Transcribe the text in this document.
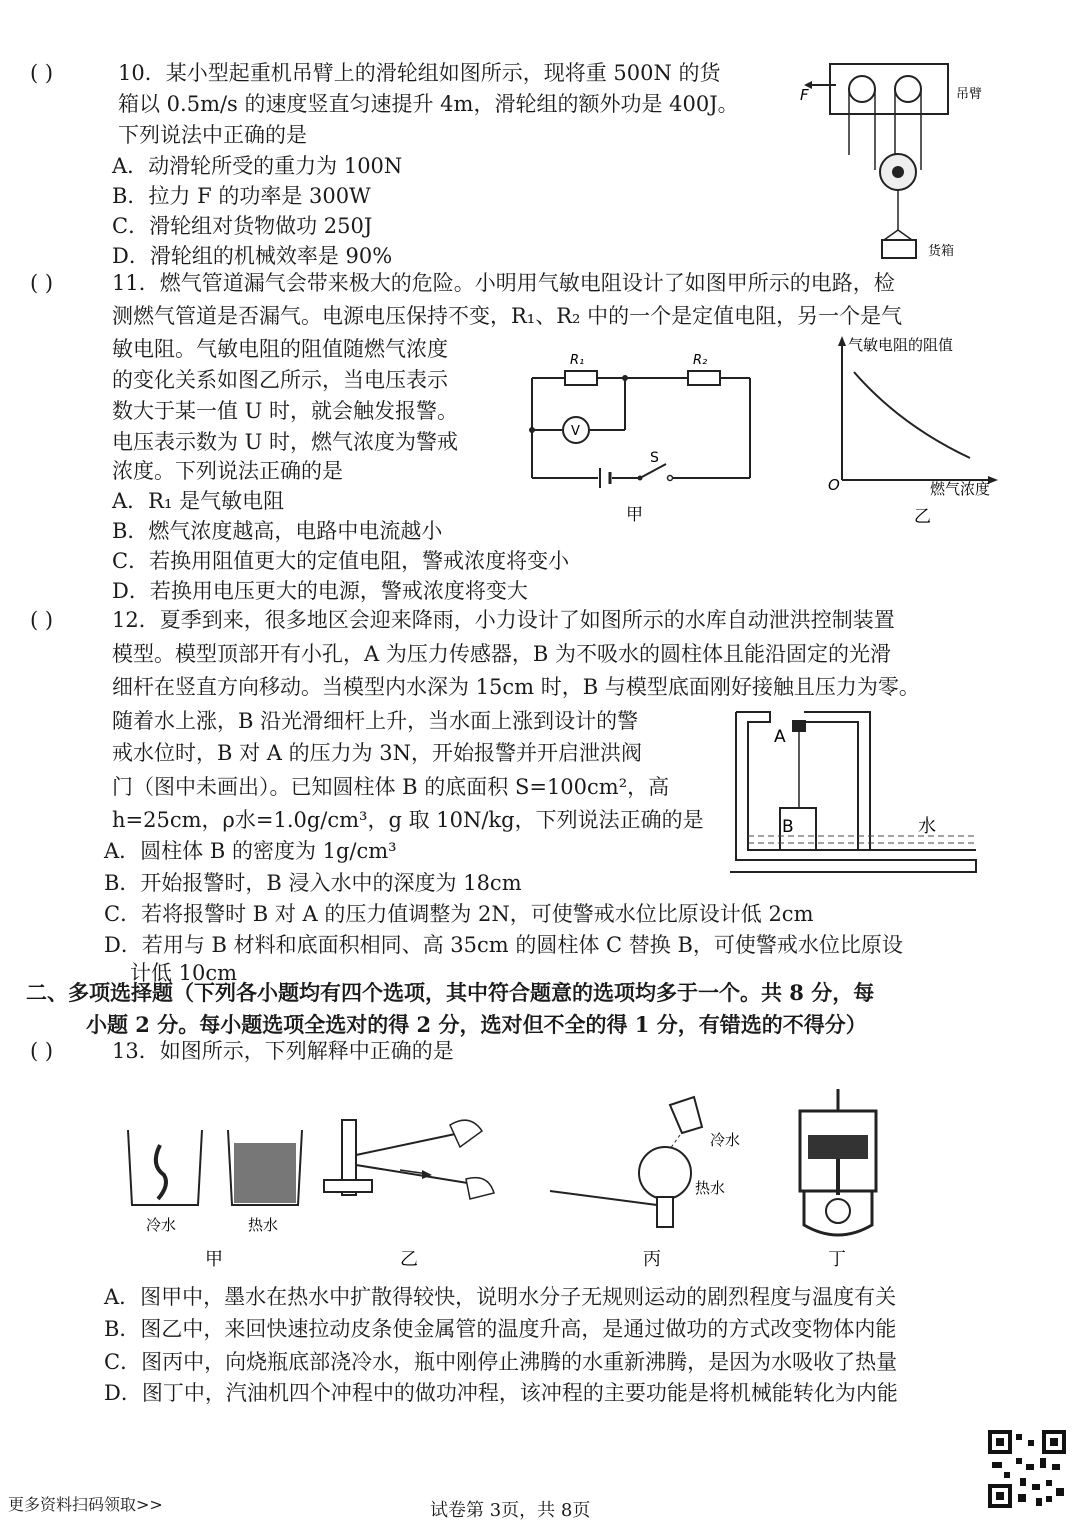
( )	10．某小型起重机吊臂上的滑轮组如图所示，现将重 500N 的货
箱以 0.5m/s 的速度竖直匀速提升 4m，滑轮组的额外功是 400J。
下列说法中正确的是
A．动滑轮所受的重力为 100N
B．拉力 F 的功率是 300W
C．滑轮组对货物做功 250J
D．滑轮组的机械效率是 90%
F	吊臂
货箱
( )	11．燃气管道漏气会带来极大的危险。小明用气敏电阻设计了如图甲所示的电路，检
测燃气管道是否漏气。电源电压保持不变，R₁、R₂ 中的一个是定值电阻，另一个是气
敏电阻。气敏电阻的阻值随燃气浓度
的变化关系如图乙所示，当电压表示
数大于某一值 U 时，就会触发报警。
电压表示数为 U 时，燃气浓度为警戒
浓度。下列说法正确的是
A．R₁ 是气敏电阻
B．燃气浓度越高，电路中电流越小
C．若换用阻值更大的定值电阻，警戒浓度将变小
D．若换用电压更大的电源，警戒浓度将变大
R₁	R₂
V
S
甲
气敏电阻的阻值
燃气浓度
O
乙
( )	12．夏季到来，很多地区会迎来降雨，小力设计了如图所示的水库自动泄洪控制装置
模型。模型顶部开有小孔，A 为压力传感器，B 为不吸水的圆柱体且能沿固定的光滑
细杆在竖直方向移动。当模型内水深为 15cm 时，B 与模型底面刚好接触且压力为零。
随着水上涨，B 沿光滑细杆上升，当水面上涨到设计的警
戒水位时，B 对 A 的压力为 3N，开始报警并开启泄洪阀
门（图中未画出）。已知圆柱体 B 的底面积 S=100cm²，高
h=25cm，ρ水=1.0g/cm³，g 取 10N/kg，下列说法正确的是
A．圆柱体 B 的密度为 1g/cm³
B．开始报警时，B 浸入水中的深度为 18cm
C．若将报警时 B 对 A 的压力值调整为 2N，可使警戒水位比原设计低 2cm
D．若用与 B 材料和底面积相同、高 35cm 的圆柱体 C 替换 B，可使警戒水位比原设
计低 10cm
A
B	水
二、多项选择题（下列各小题均有四个选项，其中符合题意的选项均多于一个。共 8 分，每
小题 2 分。每小题选项全选对的得 2 分，选对但不全的得 1 分，有错选的不得分）
( )	13．如图所示，下列解释中正确的是
冷水	热水
甲	乙
冷水
热水
丙	丁
A．图甲中，墨水在热水中扩散得较快，说明水分子无规则运动的剧烈程度与温度有关
B．图乙中，来回快速拉动皮条使金属管的温度升高，是通过做功的方式改变物体内能
C．图丙中，向烧瓶底部浇冷水，瓶中刚停止沸腾的水重新沸腾，是因为水吸收了热量
D．图丁中，汽油机四个冲程中的做功冲程，该冲程的主要功能是将机械能转化为内能
更多资料扫码领取>>	试卷第 3页，共 8页
